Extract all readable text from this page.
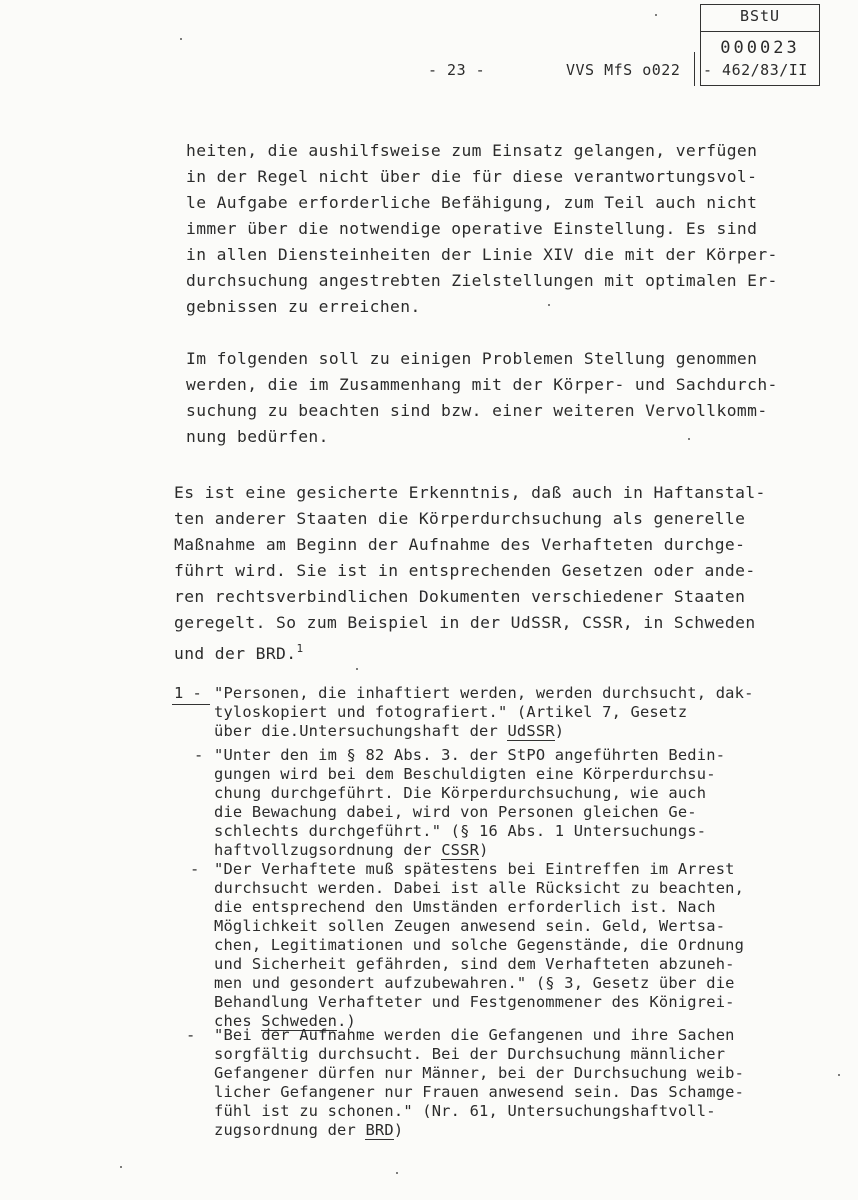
BStU
000023
- 23 -	VVS MfS o022 - 462/83/II

heiten, die aushilfsweise zum Einsatz gelangen, verfügen
in der Regel nicht über die für diese verantwortungsvol-
le Aufgabe erforderliche Befähigung, zum Teil auch nicht
immer über die notwendige operative Einstellung. Es sind
in allen Diensteinheiten der Linie XIV die mit der Körper-
durchsuchung angestrebten Zielstellungen mit optimalen Er-
gebnissen zu erreichen.

Im folgenden soll zu einigen Problemen Stellung genommen
werden, die im Zusammenhang mit der Körper- und Sachdurch-
suchung zu beachten sind bzw. einer weiteren Vervollkomm-
nung bedürfen.

Es ist eine gesicherte Erkenntnis, daß auch in Haftanstal-
ten anderer Staaten die Körperdurchsuchung als generelle
Maßnahme am Beginn der Aufnahme des Verhafteten durchge-
führt wird. Sie ist in entsprechenden Gesetzen oder ande-
ren rechtsverbindlichen Dokumenten verschiedener Staaten
geregelt. So zum Beispiel in der UdSSR, CSSR, in Schweden
und der BRD.$^1$

1 - "Personen, die inhaftiert werden, werden durchsucht, dak-
tyloskopiert und fotografiert." (Artikel 7, Gesetz
über die.Untersuchungshaft der UdSSR)

- "Unter den im § 82 Abs. 3. der StPO angeführten Bedin-
gungen wird bei dem Beschuldigten eine Körperdurchsu-
chung durchgeführt. Die Körperdurchsuchung, wie auch
die Bewachung dabei, wird von Personen gleichen Ge-
schlechts durchgeführt." (§ 16 Abs. 1 Untersuchungs-
haftvollzugsordnung der CSSR)

- "Der Verhaftete muß spätestens bei Eintreffen im Arrest
durchsucht werden. Dabei ist alle Rücksicht zu beachten,
die entsprechend den Umständen erforderlich ist. Nach
Möglichkeit sollen Zeugen anwesend sein. Geld, Wertsa-
chen, Legitimationen und solche Gegenstände, die Ordnung
und Sicherheit gefährden, sind dem Verhafteten abzuneh-
men und gesondert aufzubewahren." (§ 3, Gesetz über die
Behandlung Verhafteter und Festgenommener des Königrei-
ches Schweden.)

- "Bei der Aufnahme werden die Gefangenen und ihre Sachen
sorgfältig durchsucht. Bei der Durchsuchung männlicher
Gefangener dürfen nur Männer, bei der Durchsuchung weib-
licher Gefangener nur Frauen anwesend sein. Das Schamge-
fühl ist zu schonen." (Nr. 61, Untersuchungshaftvoll-
zugsordnung der BRD)
